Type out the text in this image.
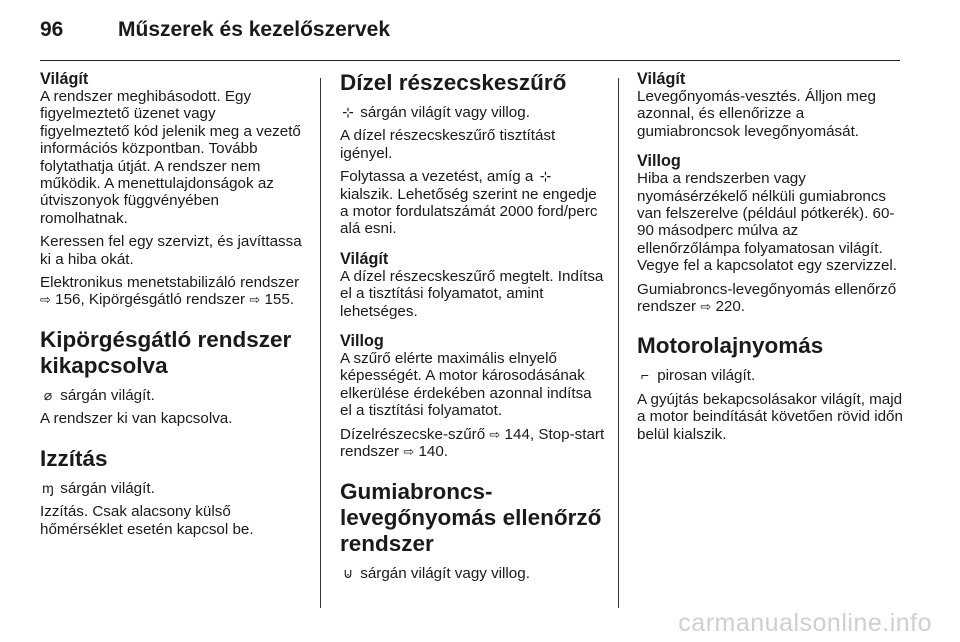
96	Műszerek és kezelőszervek
Világít

A rendszer meghibásodott. Egy figyelmeztető üzenet vagy figyelmeztető kód jelenik meg a vezető információs központban. Tovább folytathatja útját. A rendszer nem működik. A menettulajdonságok az útviszonyok függvényében romolhatnak.

Keressen fel egy szervizt, és javíttassa ki a hiba okát.

Elektronikus menetstabilizáló rendszer ⇨ 156, Kipörgésgátló rendszer ⇨ 155.

Kipörgésgátló rendszer kikapcsolva

⌀ sárgán világít.

A rendszer ki van kapcsolva.

Izzítás

ɱ sárgán világít.

Izzítás. Csak alacsony külső hőmérséklet esetén kapcsol be.

Dízel részecskeszűrő

⊹ sárgán világít vagy villog.

A dízel részecskeszűrő tisztítást igényel.

Folytassa a vezetést, amíg a ⊹ kialszik. Lehetőség szerint ne engedje a motor fordulatszámát 2000 ford/perc alá esni.

Világít

A dízel részecskeszűrő megtelt. Indítsa el a tisztítási folyamatot, amint lehetséges.

Villog

A szűrő elérte maximális elnyelő képességét. A motor károsodásának elkerülése érdekében azonnal indítsa el a tisztítási folyamatot.

Dízelrészecske-szűrő ⇨ 144, Stop-start rendszer ⇨ 140.

Gumiabroncs-levegőnyomás ellenőrző rendszer

⊍ sárgán világít vagy villog.

Világít

Levegőnyomás-vesztés. Álljon meg azonnal, és ellenőrizze a gumiabroncsok levegőnyomását.

Villog

Hiba a rendszerben vagy nyomásérzékelő nélküli gumiabroncs van felszerelve (például pótkerék). 60-90 másodperc múlva az ellenőrzőlámpa folyamatosan világít. Vegye fel a kapcsolatot egy szervizzel.

Gumiabroncs-levegőnyomás ellenőrző rendszer ⇨ 220.

Motorolajnyomás

⌐ pirosan világít.

A gyújtás bekapcsolásakor világít, majd a motor beindítását követően rövid időn belül kialszik.

carmanualsonline.info
